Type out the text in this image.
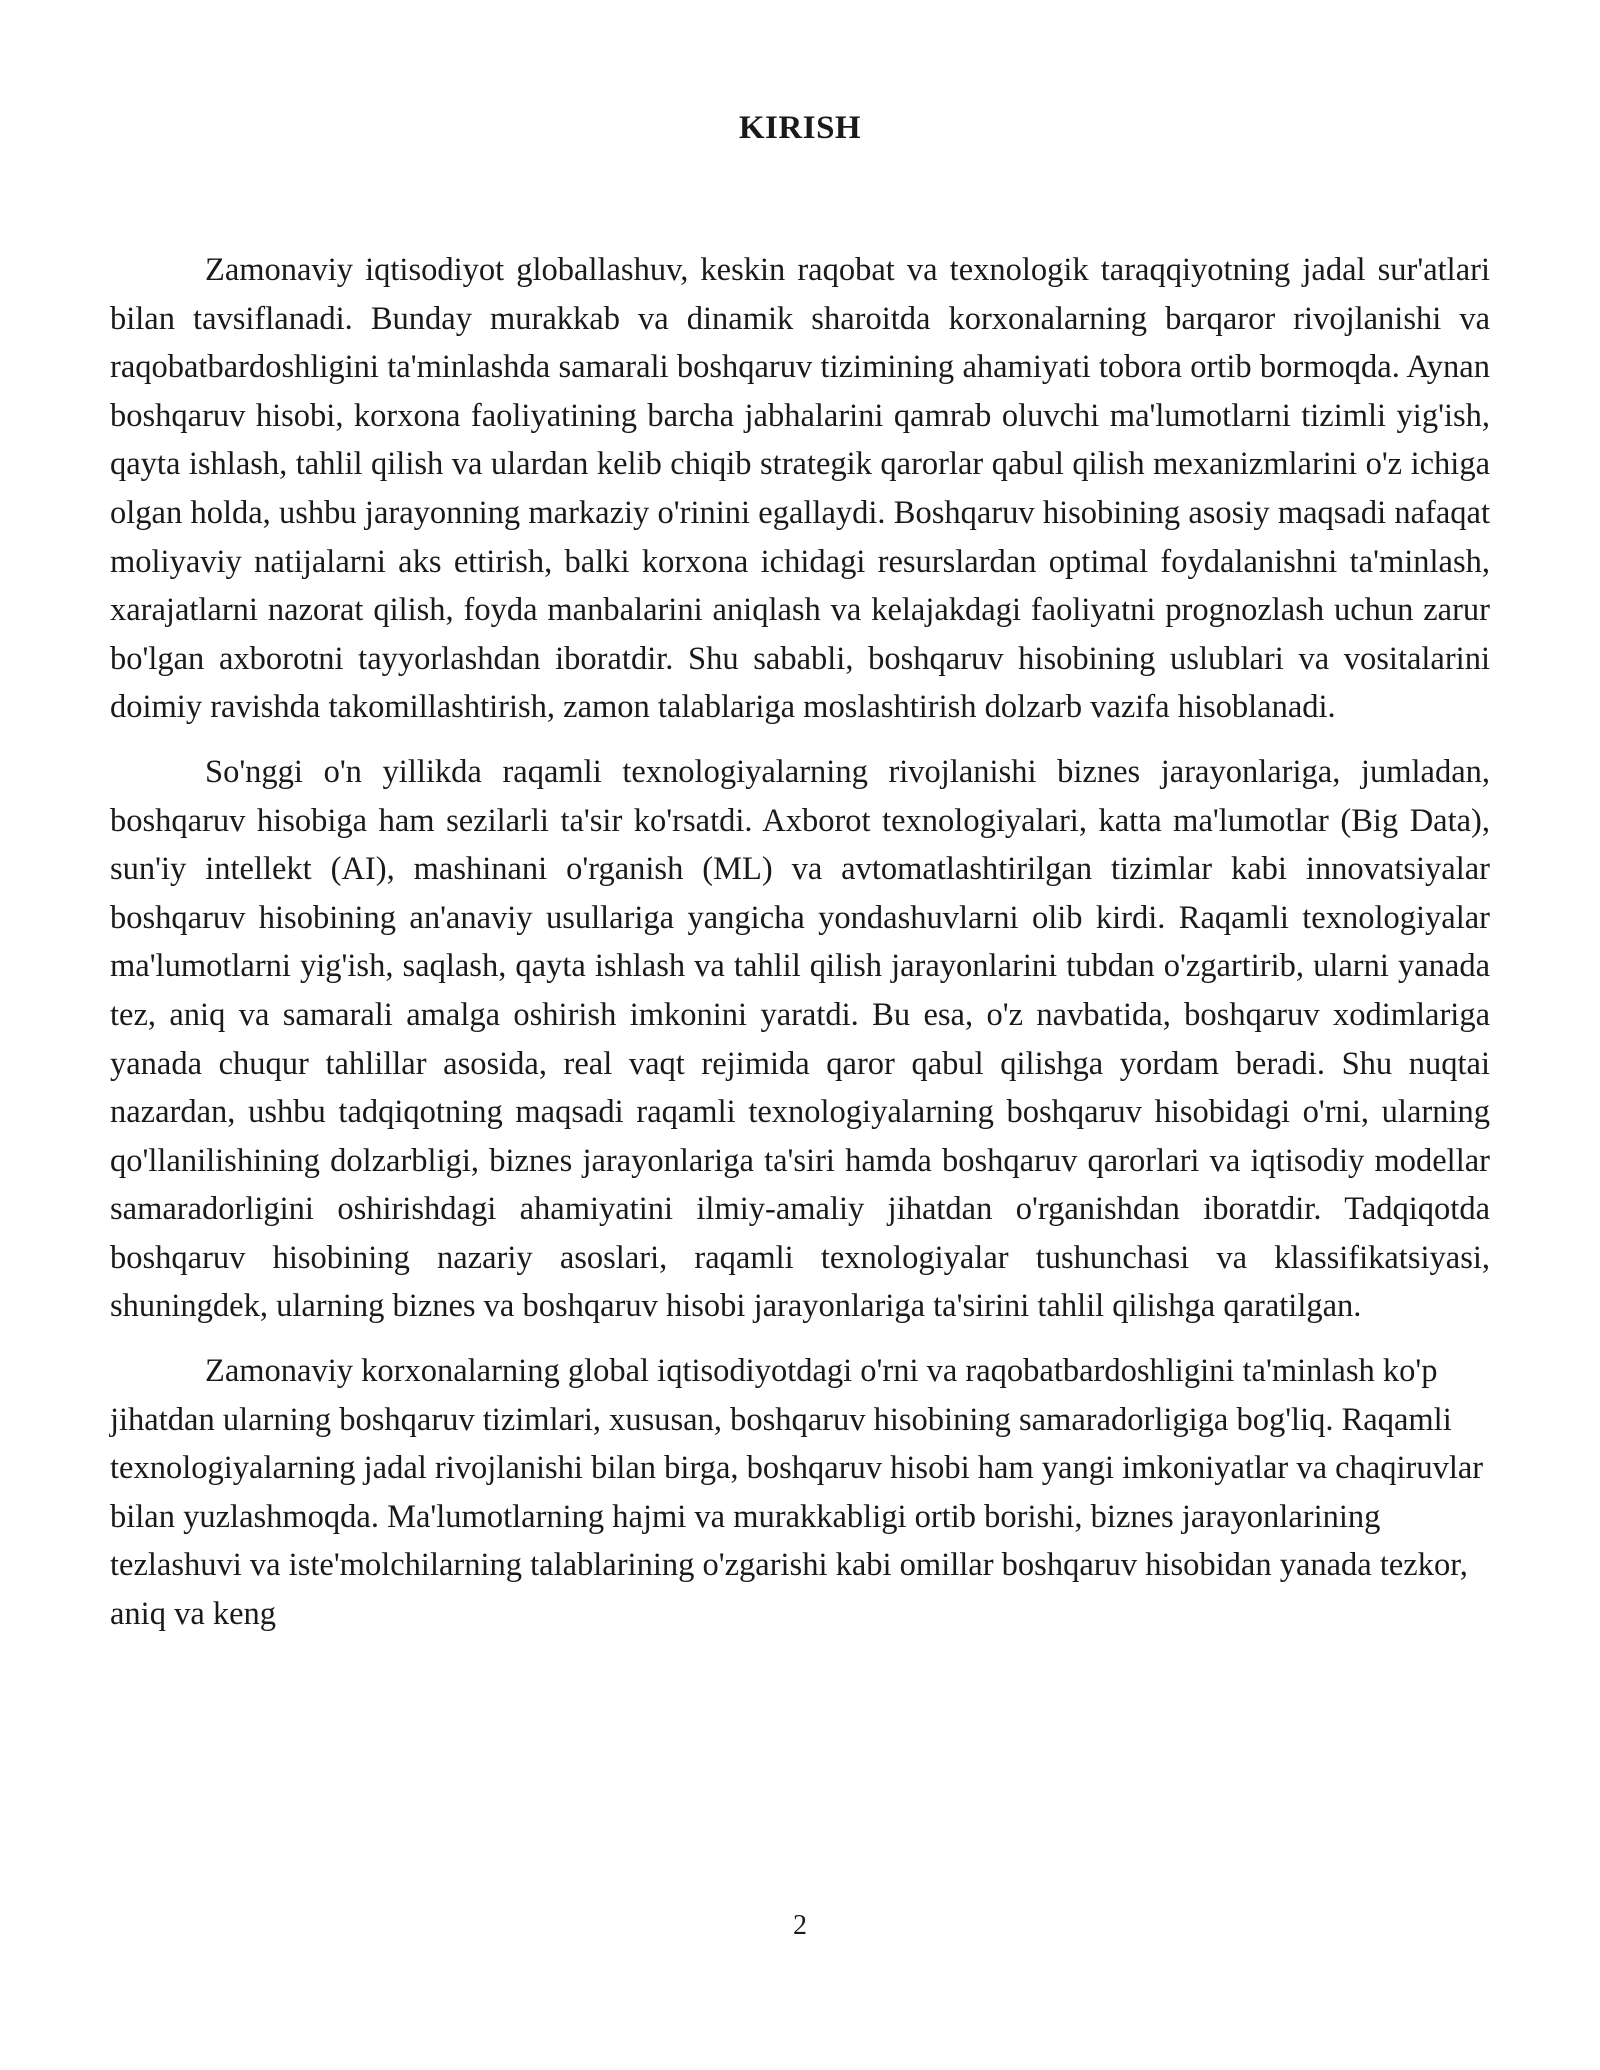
KIRISH

Zamonaviy iqtisodiyot globallashuv, keskin raqobat va texnologik taraqqiyotning jadal sur'atlari bilan tavsiflanadi. Bunday murakkab va dinamik sharoitda korxonalarning barqaror rivojlanishi va raqobatbardoshligini ta'minlashda samarali boshqaruv tizimining ahamiyati tobora ortib bormoqda. Aynan boshqaruv hisobi, korxona faoliyatining barcha jabhalarini qamrab oluvchi ma'lumotlarni tizimli yig'ish, qayta ishlash, tahlil qilish va ulardan kelib chiqib strategik qarorlar qabul qilish mexanizmlarini o'z ichiga olgan holda, ushbu jarayonning markaziy o'rinini egallaydi. Boshqaruv hisobining asosiy maqsadi nafaqat moliyaviy natijalarni aks ettirish, balki korxona ichidagi resurslardan optimal foydalanishni ta'minlash, xarajatlarni nazorat qilish, foyda manbalarini aniqlash va kelajakdagi faoliyatni prognozlash uchun zarur bo'lgan axborotni tayyorlashdan iboratdir. Shu sababli, boshqaruv hisobining uslublari va vositalarini doimiy ravishda takomillashtirish, zamon talablariga moslashtirish dolzarb vazifa hisoblanadi.

So'nggi o'n yillikda raqamli texnologiyalarning rivojlanishi biznes jarayonlariga, jumladan, boshqaruv hisobiga ham sezilarli ta'sir ko'rsatdi. Axborot texnologiyalari, katta ma'lumotlar (Big Data), sun'iy intellekt (AI), mashinani o'rganish (ML) va avtomatlashtirilgan tizimlar kabi innovatsiyalar boshqaruv hisobining an'anaviy usullariga yangicha yondashuvlarni olib kirdi. Raqamli texnologiyalar ma'lumotlarni yig'ish, saqlash, qayta ishlash va tahlil qilish jarayonlarini tubdan o'zgartirib, ularni yanada tez, aniq va samarali amalga oshirish imkonini yaratdi. Bu esa, o'z navbatida, boshqaruv xodimlariga yanada chuqur tahlillar asosida, real vaqt rejimida qaror qabul qilishga yordam beradi. Shu nuqtai nazardan, ushbu tadqiqotning maqsadi raqamli texnologiyalarning boshqaruv hisobidagi o'rni, ularning qo'llanilishining dolzarbligi, biznes jarayonlariga ta'siri hamda boshqaruv qarorlari va iqtisodiy modellar samaradorligini oshirishdagi ahamiyatini ilmiy-amaliy jihatdan o'rganishdan iboratdir. Tadqiqotda boshqaruv hisobining nazariy asoslari, raqamli texnologiyalar tushunchasi va klassifikatsiyasi, shuningdek, ularning biznes va boshqaruv hisobi jarayonlariga ta'sirini tahlil qilishga qaratilgan.

Zamonaviy korxonalarning global iqtisodiyotdagi o'rni va raqobatbardoshligini ta'minlash ko'p jihatdan ularning boshqaruv tizimlari, xususan, boshqaruv hisobining samaradorligiga bog'liq. Raqamli texnologiyalarning jadal rivojlanishi bilan birga, boshqaruv hisobi ham yangi imkoniyatlar va chaqiruvlar bilan yuzlashmoqda. Ma'lumotlarning hajmi va murakkabligi ortib borishi, biznes jarayonlarining tezlashuvi va iste'molchilarning talablarining o'zgarishi kabi omillar boshqaruv hisobidan yanada tezkor, aniq va keng

2
